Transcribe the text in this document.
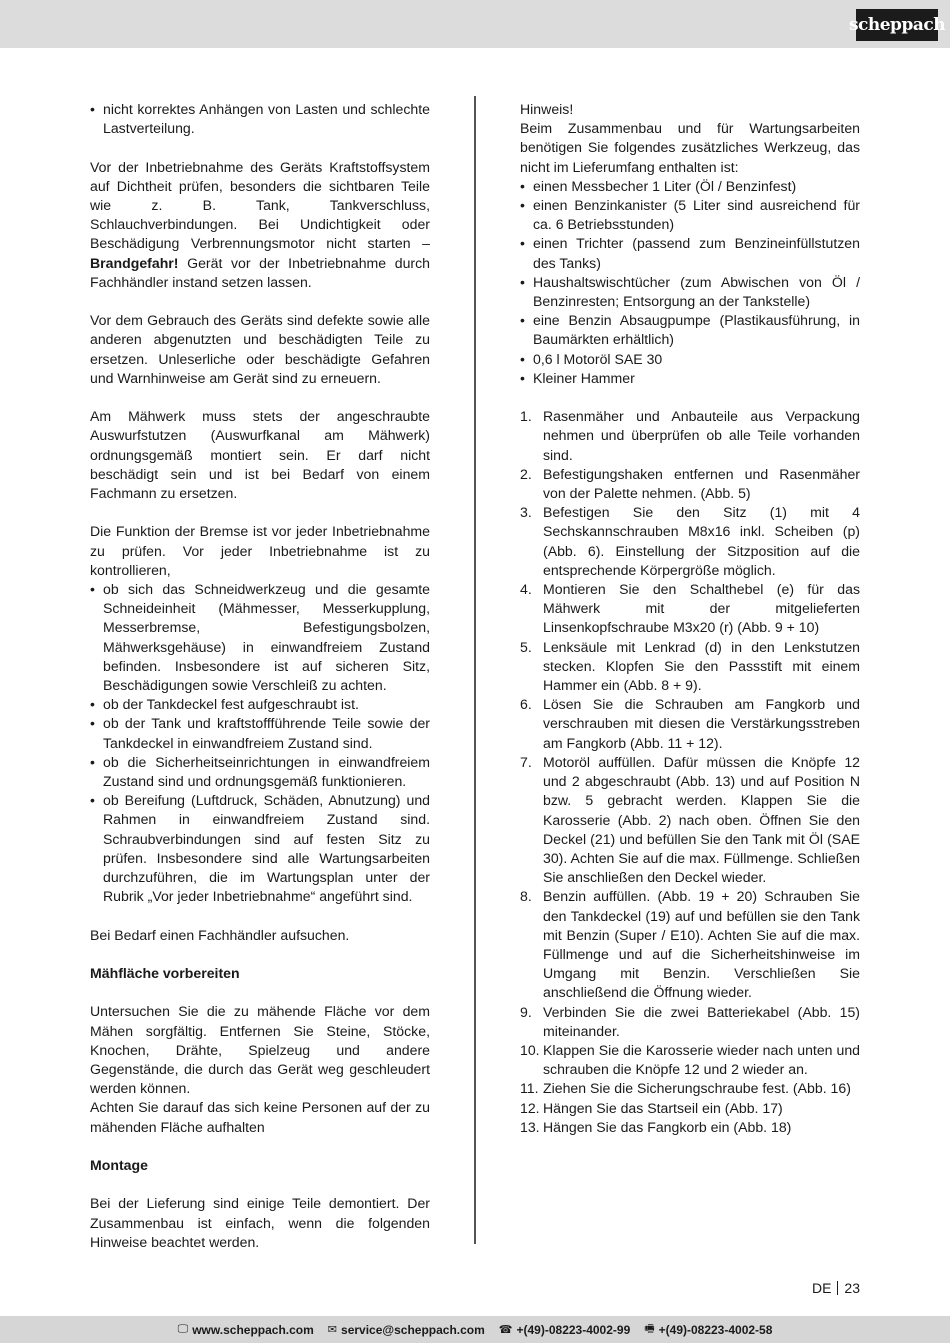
scheppach
• nicht korrektes Anhängen von Lasten und schlechte Lastverteilung.

Vor der Inbetriebnahme des Geräts Kraftstoffsystem auf Dichtheit prüfen, besonders die sichtbaren Teile wie z. B. Tank, Tankverschluss, Schlauchverbindungen. Bei Undichtigkeit oder Beschädigung Verbrennungsmotor nicht starten – Brandgefahr! Gerät vor der Inbetriebnahme durch Fachhändler instand setzen lassen.

Vor dem Gebrauch des Geräts sind defekte sowie alle anderen abgenutzten und beschädigten Teile zu ersetzen. Unleserliche oder beschädigte Gefahren und Warnhinweise am Gerät sind zu erneuern.

Am Mähwerk muss stets der angeschraubte Auswurfstutzen (Auswurfkanal am Mähwerk) ordnungsgemäß montiert sein. Er darf nicht beschädigt sein und ist bei Bedarf von einem Fachmann zu ersetzen.

Die Funktion der Bremse ist vor jeder Inbetriebnahme zu prüfen. Vor jeder Inbetriebnahme ist zu kontrollieren,

• ob sich das Schneidwerkzeug und die gesamte Schneideinheit (Mähmesser, Messerkupplung, Messerbremse, Befestigungsbolzen, Mähwerksgehäuse) in einwandfreiem Zustand befinden. Insbesondere ist auf sicheren Sitz, Beschädigungen sowie Verschleiß zu achten.
• ob der Tankdeckel fest aufgeschraubt ist.
• ob der Tank und kraftstoffführende Teile sowie der Tankdeckel in einwandfreiem Zustand sind.
• ob die Sicherheitseinrichtungen in einwandfreiem Zustand sind und ordnungsgemäß funktionieren.
• ob Bereifung (Luftdruck, Schäden, Abnutzung) und Rahmen in einwandfreiem Zustand sind. Schraubverbindungen sind auf festen Sitz zu prüfen. Insbesondere sind alle Wartungsarbeiten durchzuführen, die im Wartungsplan unter der Rubrik „Vor jeder Inbetriebnahme“ angeführt sind.

Bei Bedarf einen Fachhändler aufsuchen.

Mähfläche vorbereiten

Untersuchen Sie die zu mähende Fläche vor dem Mähen sorgfältig. Entfernen Sie Steine, Stöcke, Knochen, Drähte, Spielzeug und andere Gegenstände, die durch das Gerät weg geschleudert werden können.

Achten Sie darauf das sich keine Personen auf der zu mähenden Fläche aufhalten

Montage

Bei der Lieferung sind einige Teile demontiert. Der Zusammenbau ist einfach, wenn die folgenden Hinweise beachtet werden.

Hinweis!

Beim Zusammenbau und für Wartungsarbeiten benötigen Sie folgendes zusätzliches Werkzeug, das nicht im Lieferumfang enthalten ist:

• einen Messbecher 1 Liter (Öl / Benzinfest)
• einen Benzinkanister (5 Liter sind ausreichend für ca. 6 Betriebsstunden)
• einen Trichter (passend zum Benzineinfüllstutzen des Tanks)
• Haushaltswischtücher (zum Abwischen von Öl / Benzinresten; Entsorgung an der Tankstelle)
• eine Benzin Absaugpumpe (Plastikausführung, in Baumärkten erhältlich)
• 0,6 l Motoröl SAE 30
• Kleiner Hammer
1. Rasenmäher und Anbauteile aus Verpackung nehmen und überprüfen ob alle Teile vorhanden sind.
2. Befestigungshaken entfernen und Rasenmäher von der Palette nehmen. (Abb. 5)
3. Befestigen Sie den Sitz (1) mit 4 Sechskannschrauben M8x16 inkl. Scheiben (p) (Abb. 6). Einstellung der Sitzposition auf die entsprechende Körpergröße möglich.
4. Montieren Sie den Schalthebel (e) für das Mähwerk mit der mitgelieferten Linsenkopfschraube M3x20 (r) (Abb. 9 + 10)
5. Lenksäule mit Lenkrad (d) in den Lenkstutzen stecken. Klopfen Sie den Passstift mit einem Hammer ein (Abb. 8 + 9).
6. Lösen Sie die Schrauben am Fangkorb und verschrauben mit diesen die Verstärkungsstreben am Fangkorb (Abb. 11 + 12).
7. Motoröl auffüllen. Dafür müssen die Knöpfe 12 und 2 abgeschraubt (Abb. 13) und auf Position N bzw. 5 gebracht werden. Klappen Sie die Karosserie (Abb. 2) nach oben. Öffnen Sie den Deckel (21) und befüllen Sie den Tank mit Öl (SAE 30). Achten Sie auf die max. Füllmenge. Schließen Sie anschließen den Deckel wieder.
8. Benzin auffüllen. (Abb. 19 + 20) Schrauben Sie den Tankdeckel (19) auf und befüllen sie den Tank mit Benzin (Super / E10). Achten Sie auf die max. Füllmenge und auf die Sicherheitshinweise im Umgang mit Benzin. Verschließen Sie anschließend die Öffnung wieder.
9. Verbinden Sie die zwei Batteriekabel (Abb. 15) miteinander.
10. Klappen Sie die Karosserie wieder nach unten und schrauben die Knöpfe 12 und 2 wieder an.
11. Ziehen Sie die Sicherungschraube fest. (Abb. 16)
12. Hängen Sie das Startseil ein (Abb. 17)
13. Hängen Sie das Fangkorb ein (Abb. 18)
DE 23
🖵︎ www.scheppach.com ✉︎ service@scheppach.com ☎︎ +(49)-08223-4002-99 🖷︎ +(49)-08223-4002-58
